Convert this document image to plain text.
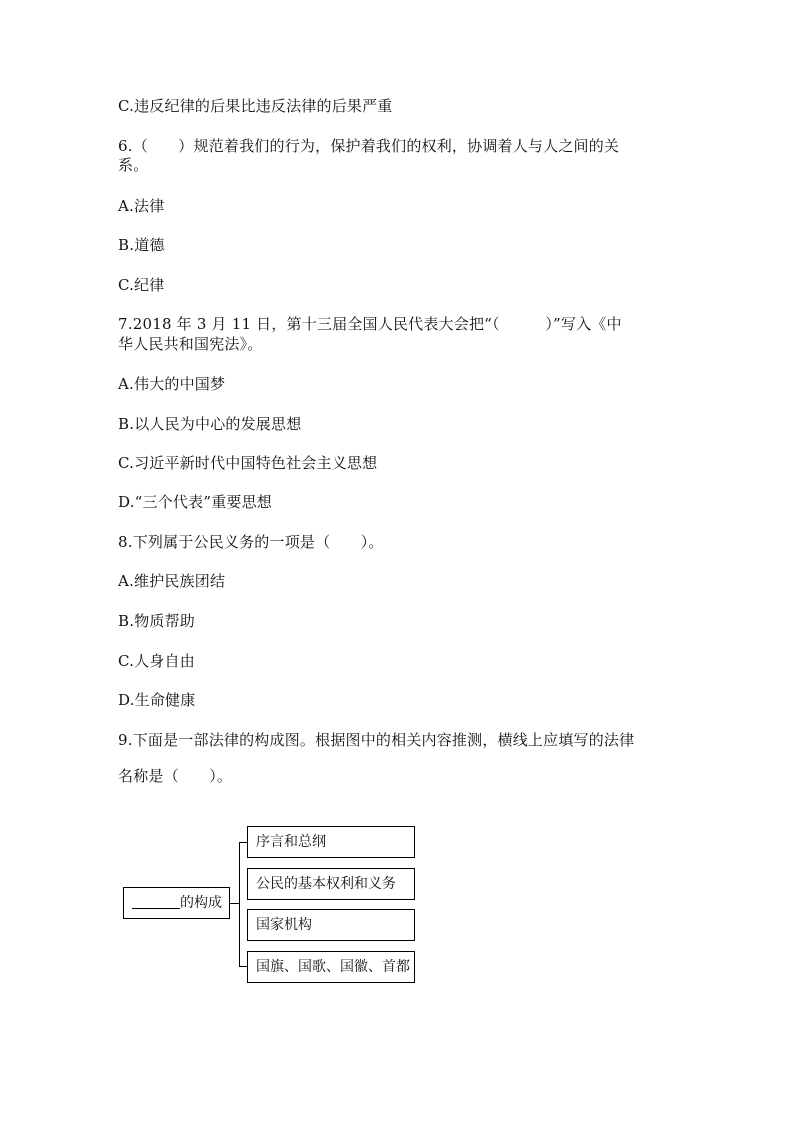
C.违反纪律的后果比违反法律的后果严重
6.（　　）规范着我们的行为，保护着我们的权利，协调着人与人之间的关
系。
A.法律
B.道德
C.纪律
7.2018 年 3 月 11 日，第十三届全国人民代表大会把“（　　　）”写入《中
华人民共和国宪法》。
A.伟大的中国梦
B.以人民为中心的发展思想
C.习近平新时代中国特色社会主义思想
D.“三个代表”重要思想
8.下列属于公民义务的一项是（　　）。
A.维护民族团结
B.物质帮助
C.人身自由
D.生命健康
9.下面是一部法律的构成图。根据图中的相关内容推测，横线上应填写的法律
名称是（　　）。
的构成
序言和总纲
公民的基本权利和义务
国家机构
国旗、国歌、国徽、首都
